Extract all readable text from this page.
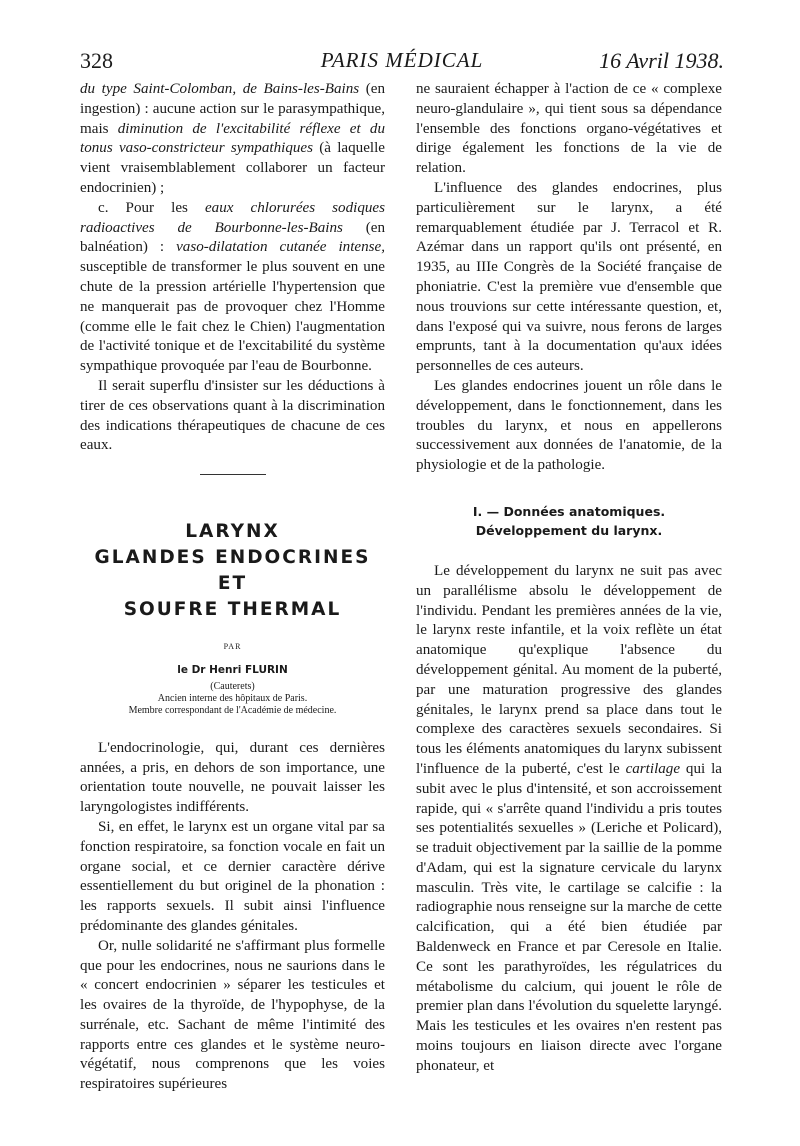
328	PARIS MÉDICAL	16 Avril 1938.

du type Saint-Colomban, de Bains-les-Bains (en ingestion) : aucune action sur le parasympathique, mais diminution de l'excitabilité réflexe et du tonus vaso-constricteur sympathiques (à laquelle vient vraisemblablement collaborer un facteur endocrinien) ;

c. Pour les eaux chlorurées sodiques radioactives de Bourbonne-les-Bains (en balnéation) : vaso-dilatation cutanée intense, susceptible de transformer le plus souvent en une chute de la pression artérielle l'hypertension que ne manquerait pas de provoquer chez l'Homme (comme elle le fait chez le Chien) l'augmentation de l'activité tonique et de l'excitabilité du système sympathique provoquée par l'eau de Bourbonne.

Il serait superflu d'insister sur les déductions à tirer de ces observations quant à la discrimination des indications thérapeutiques de chacune de ces eaux.

LARYNX
GLANDES ENDOCRINES
ET
SOUFRE THERMAL
PAR
le Dr Henri FLURIN
(Cauterets)
Ancien interne des hôpitaux de Paris.
Membre correspondant de l'Académie de médecine.

L'endocrinologie, qui, durant ces dernières années, a pris, en dehors de son importance, une orientation toute nouvelle, ne pouvait laisser les laryngologistes indifférents.

Si, en effet, le larynx est un organe vital par sa fonction respiratoire, sa fonction vocale en fait un organe social, et ce dernier caractère dérive essentiellement du but originel de la phonation : les rapports sexuels. Il subit ainsi l'influence prédominante des glandes génitales.

Or, nulle solidarité ne s'affirmant plus formelle que pour les endocrines, nous ne saurions dans le « concert endocrinien » séparer les testicules et les ovaires de la thyroïde, de l'hypophyse, de la surrénale, etc. Sachant de même l'intimité des rapports entre ces glandes et le système neuro-végétatif, nous comprenons que les voies respiratoires supérieures

ne sauraient échapper à l'action de ce « complexe neuro-glandulaire », qui tient sous sa dépendance l'ensemble des fonctions organo-végétatives et dirige également les fonctions de la vie de relation.

L'influence des glandes endocrines, plus particulièrement sur le larynx, a été remarquablement étudiée par J. Terracol et R. Azémar dans un rapport qu'ils ont présenté, en 1935, au IIIe Congrès de la Société française de phoniatrie. C'est la première vue d'ensemble que nous trouvions sur cette intéressante question, et, dans l'exposé qui va suivre, nous ferons de larges emprunts, tant à la documentation qu'aux idées personnelles de ces auteurs.

Les glandes endocrines jouent un rôle dans le développement, dans le fonctionnement, dans les troubles du larynx, et nous en appellerons successivement aux données de l'anatomie, de la physiologie et de la pathologie.

I. — Données anatomiques.
Développement du larynx.

Le développement du larynx ne suit pas avec un parallélisme absolu le développement de l'individu. Pendant les premières années de la vie, le larynx reste infantile, et la voix reflète un état anatomique qu'explique l'absence du développement génital. Au moment de la puberté, par une maturation progressive des glandes génitales, le larynx prend sa place dans tout le complexe des caractères sexuels secondaires. Si tous les éléments anatomiques du larynx subissent l'influence de la puberté, c'est le cartilage qui la subit avec le plus d'intensité, et son accroissement rapide, qui « s'arrête quand l'individu a pris toutes ses potentialités sexuelles » (Leriche et Policard), se traduit objectivement par la saillie de la pomme d'Adam, qui est la signature cervicale du larynx masculin. Très vite, le cartilage se calcifie : la radiographie nous renseigne sur la marche de cette calcification, qui a été bien étudiée par Baldenweck en France et par Ceresole en Italie. Ce sont les parathyroïdes, les régulatrices du métabolisme du calcium, qui jouent le rôle de premier plan dans l'évolution du squelette laryngé. Mais les testicules et les ovaires n'en restent pas moins toujours en liaison directe avec l'organe phonateur, et
